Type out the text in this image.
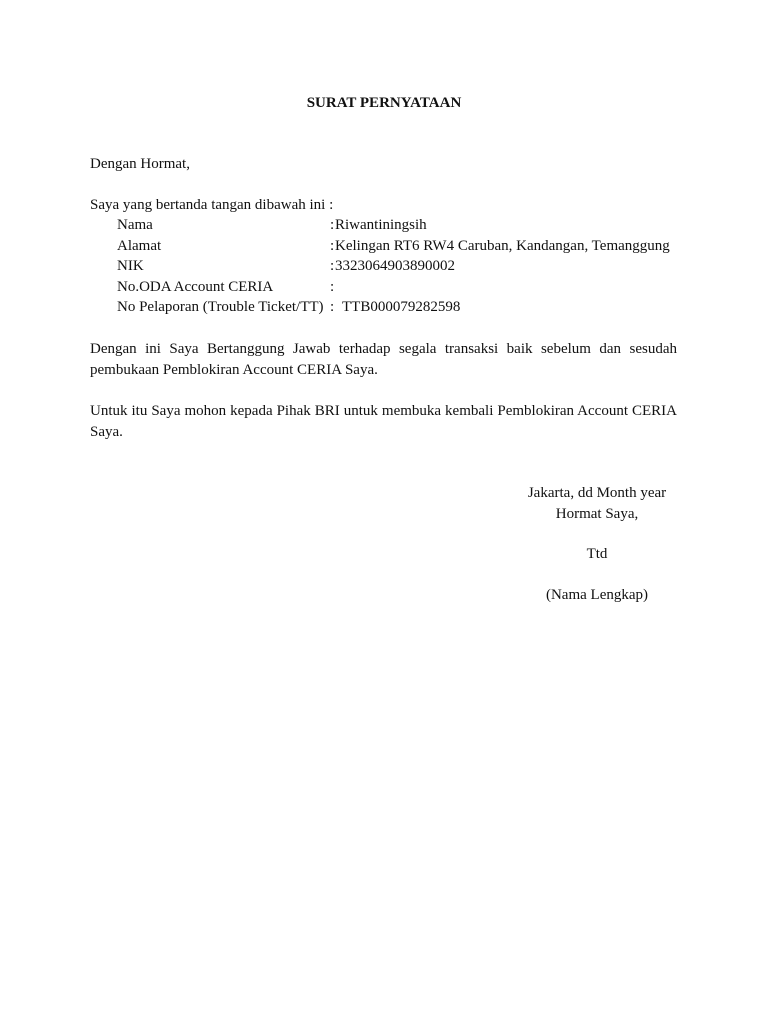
SURAT PERNYATAAN
Dengan Hormat,
Saya yang bertanda tangan dibawah ini :
Nama	: Riwantiningsih
Alamat	: Kelingan RT6 RW4 Caruban, Kandangan, Temanggung
NIK	: 3323064903890002
No.ODA Account CERIA	:
No Pelaporan (Trouble Ticket/TT) : TTB000079282598
Dengan ini Saya Bertanggung Jawab terhadap segala transaksi baik sebelum dan sesudah pembukaan Pemblokiran Account CERIA Saya.
Untuk itu Saya mohon kepada Pihak BRI untuk membuka kembali Pemblokiran Account CERIA Saya.
Jakarta, dd Month year
Hormat Saya,
Ttd
(Nama Lengkap)
